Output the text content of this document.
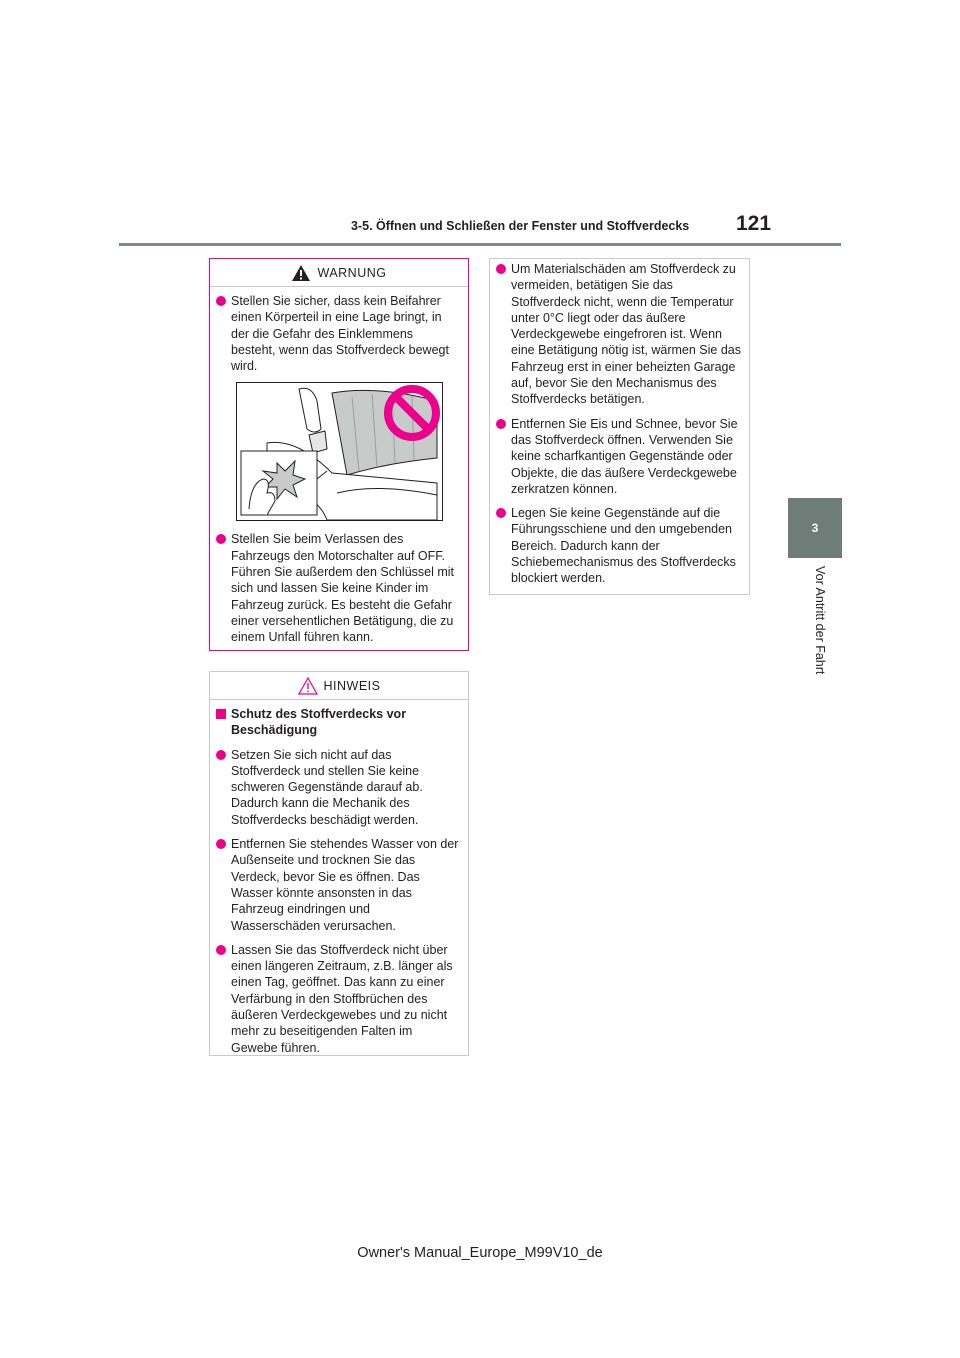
3-5. Öffnen und Schließen der Fenster und Stoffverdecks 121
3
Vor Antritt der Fahrt
WARNUNG
Stellen Sie sicher, dass kein Beifahrer einen Körperteil in eine Lage bringt, in der die Gefahr des Einklemmens besteht, wenn das Stoffverdeck bewegt wird.
Stellen Sie beim Verlassen des Fahrzeugs den Motorschalter auf OFF. Führen Sie außerdem den Schlüssel mit sich und lassen Sie keine Kinder im Fahrzeug zurück. Es besteht die Gefahr einer versehentlichen Betätigung, die zu einem Unfall führen kann.
HINWEIS
Schutz des Stoffverdecks vor Beschädigung
Setzen Sie sich nicht auf das Stoffverdeck und stellen Sie keine schweren Gegenstände darauf ab. Dadurch kann die Mechanik des Stoffverdecks beschädigt werden.
Entfernen Sie stehendes Wasser von der Außenseite und trocknen Sie das Verdeck, bevor Sie es öffnen. Das Wasser könnte ansonsten in das Fahrzeug eindringen und Wasserschäden verursachen.
Lassen Sie das Stoffverdeck nicht über einen längeren Zeitraum, z.B. länger als einen Tag, geöffnet. Das kann zu einer Verfärbung in den Stoffbrüchen des äußeren Verdeckgewebes und zu nicht mehr zu beseitigenden Falten im Gewebe führen.
Um Materialschäden am Stoffverdeck zu vermeiden, betätigen Sie das Stoffverdeck nicht, wenn die Temperatur unter 0°C liegt oder das äußere Verdeckgewebe eingefroren ist. Wenn eine Betätigung nötig ist, wärmen Sie das Fahrzeug erst in einer beheizten Garage auf, bevor Sie den Mechanismus des Stoffverdecks betätigen.
Entfernen Sie Eis und Schnee, bevor Sie das Stoffverdeck öffnen. Verwenden Sie keine scharfkantigen Gegenstände oder Objekte, die das äußere Verdeckgewebe zerkratzen können.
Legen Sie keine Gegenstände auf die Führungsschiene und den umgebenden Bereich. Dadurch kann der Schiebemechanismus des Stoffverdecks blockiert werden.
Owner's Manual_Europe_M99V10_de
